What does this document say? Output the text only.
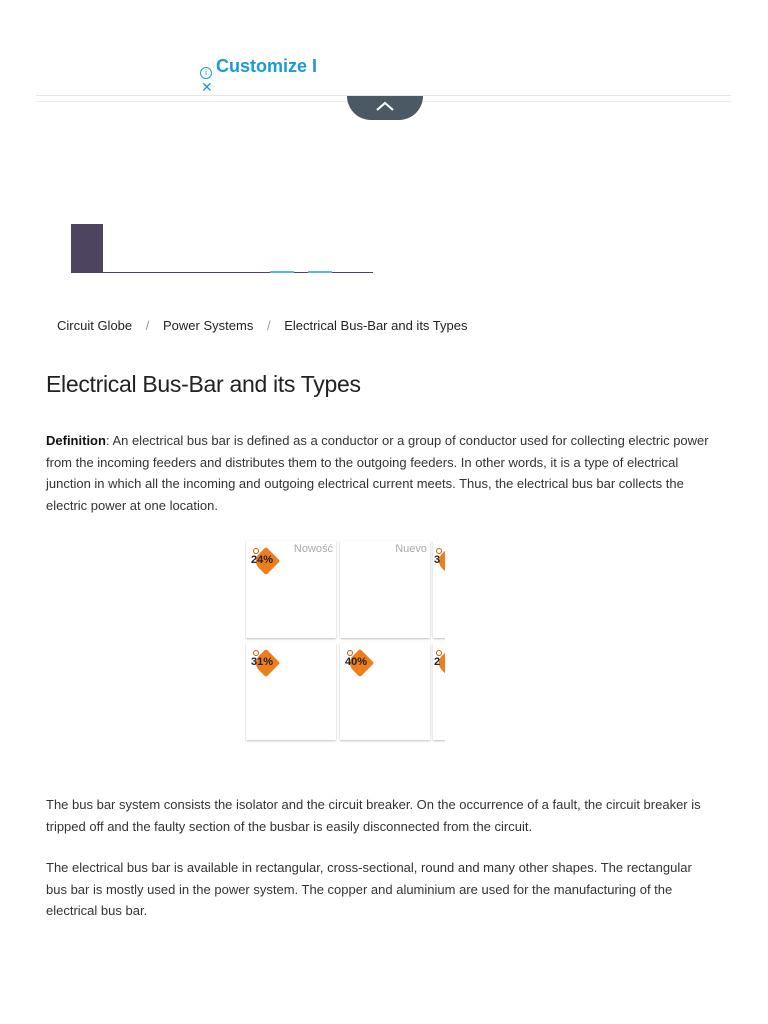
i
✕
Customize I
Circuit Globe / Power Systems / Electrical Bus-Bar and its Types
Electrical Bus-Bar and its Types

Definition: An electrical bus bar is defined as a conductor or a group of conductor used for collecting electric power from the incoming feeders and distributes them to the outgoing feeders. In other words, it is a type of electrical junction in which all the incoming and outgoing electrical current meets. Thus, the electrical bus bar collects the electric power at one location.

Nowość
24%
Nuevo
3
31%	40%	2

The bus bar system consists the isolator and the circuit breaker. On the occurrence of a fault, the circuit breaker is tripped off and the faulty section of the busbar is easily disconnected from the circuit.

The electrical bus bar is available in rectangular, cross-sectional, round and many other shapes. The rectangular bus bar is mostly used in the power system. The copper and aluminium are used for the manufacturing of the electrical bus bar.
